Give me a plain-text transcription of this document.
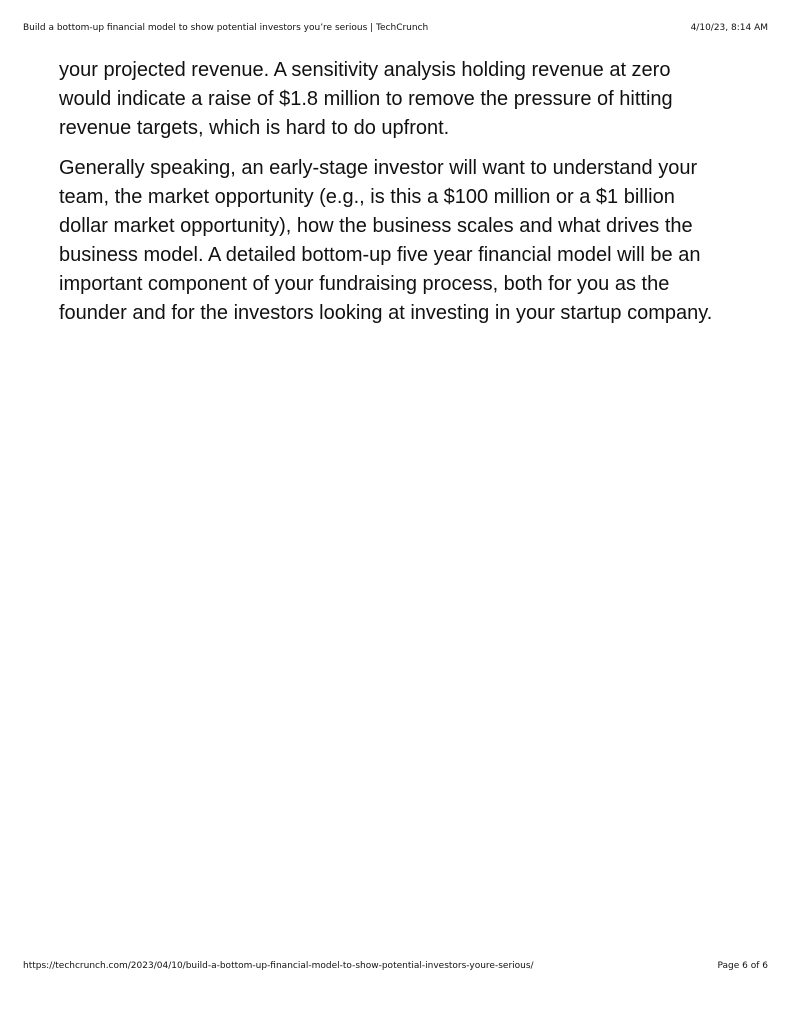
Build a bottom-up financial model to show potential investors you’re serious | TechCrunch	4/10/23, 8:14 AM

your projected revenue. A sensitivity analysis holding revenue at zero would indicate a raise of $1.8 million to remove the pressure of hitting revenue targets, which is hard to do upfront.

Generally speaking, an early-stage investor will want to understand your team, the market opportunity (e.g., is this a $100 million or a $1 billion dollar market opportunity), how the business scales and what drives the business model. A detailed bottom-up five year financial model will be an important component of your fundraising process, both for you as the founder and for the investors looking at investing in your startup company.

https://techcrunch.com/2023/04/10/build-a-bottom-up-financial-model-to-show-potential-investors-youre-serious/	Page 6 of 6
